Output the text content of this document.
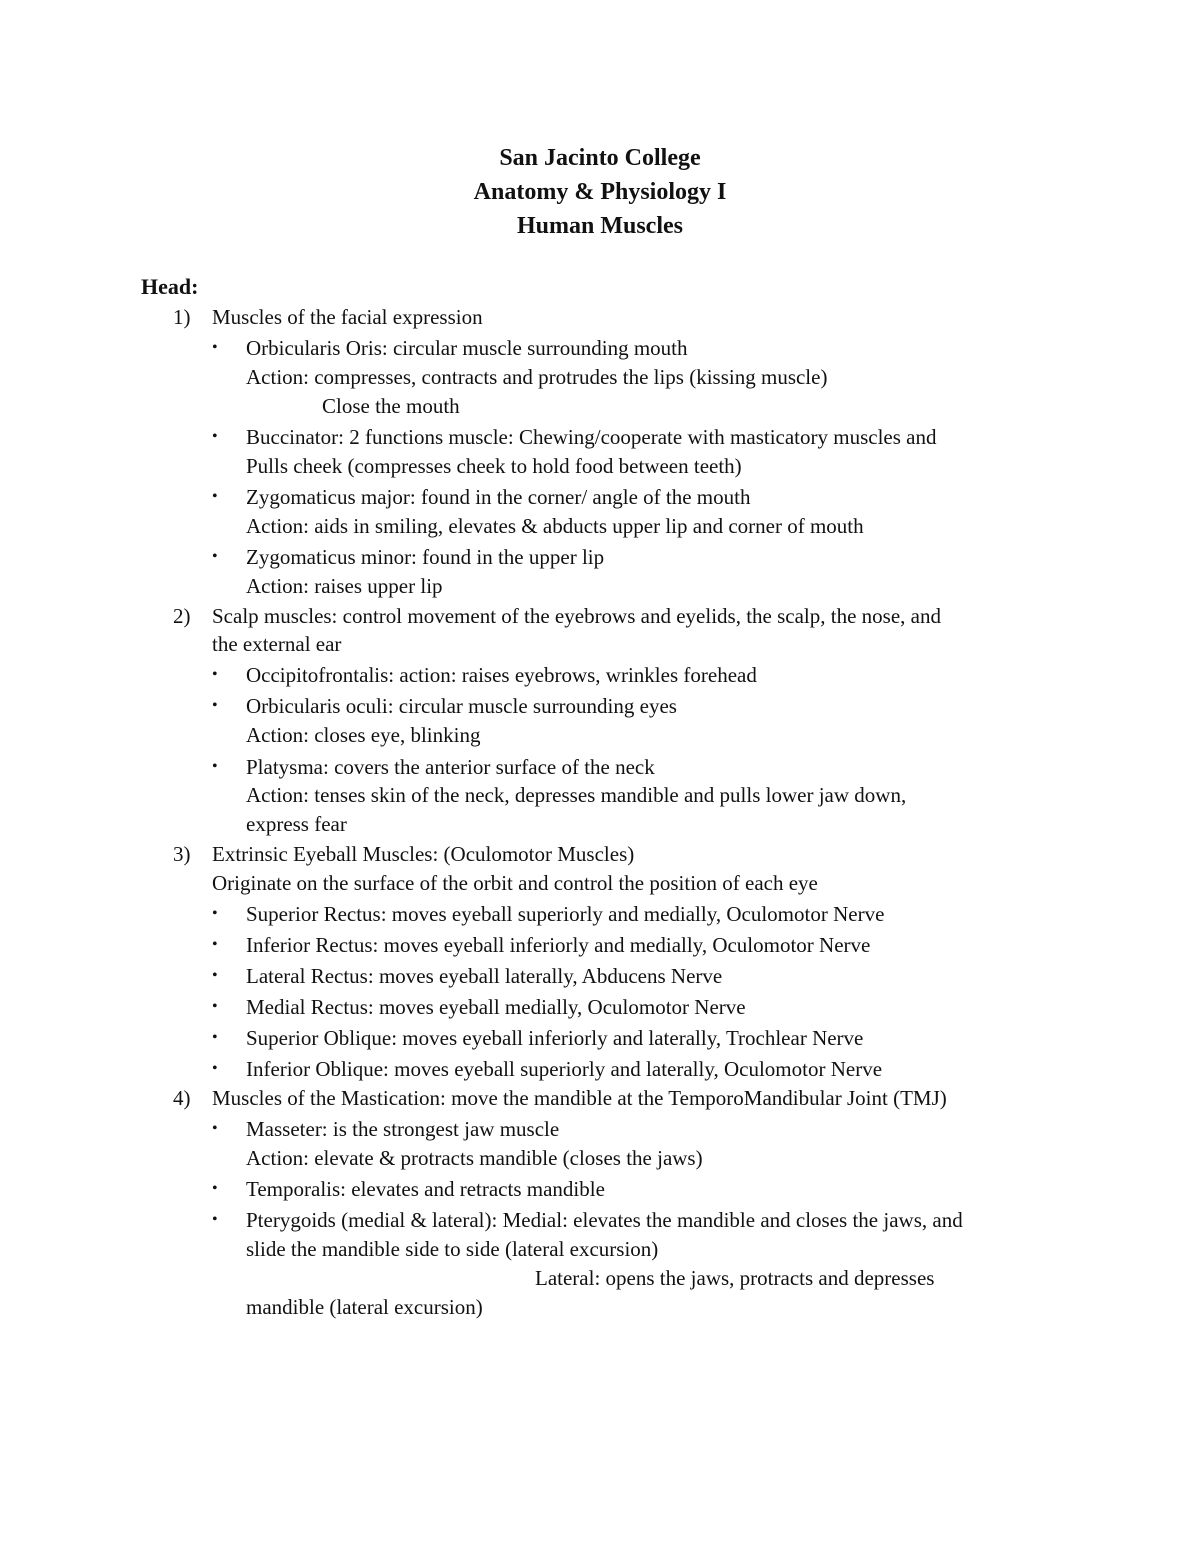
San Jacinto College
Anatomy & Physiology I
Human Muscles
Head:
1) Muscles of the facial expression
• Orbicularis Oris: circular muscle surrounding mouth
Action: compresses, contracts and protrudes the lips (kissing muscle)
Close the mouth
• Buccinator: 2 functions muscle: Chewing/cooperate with masticatory muscles and
Pulls cheek (compresses cheek to hold food between teeth)
• Zygomaticus major: found in the corner/ angle of the mouth
Action: aids in smiling, elevates & abducts upper lip and corner of mouth
• Zygomaticus minor: found in the upper lip
Action: raises upper lip
2) Scalp muscles: control movement of the eyebrows and eyelids, the scalp, the nose, and
the external ear
• Occipitofrontalis: action: raises eyebrows, wrinkles forehead
• Orbicularis oculi: circular muscle surrounding eyes
Action: closes eye, blinking
• Platysma: covers the anterior surface of the neck
Action: tenses skin of the neck, depresses mandible and pulls lower jaw down,
express fear
3) Extrinsic Eyeball Muscles: (Oculomotor Muscles)
Originate on the surface of the orbit and control the position of each eye
• Superior Rectus: moves eyeball superiorly and medially, Oculomotor Nerve
• Inferior Rectus: moves eyeball inferiorly and medially, Oculomotor Nerve
• Lateral Rectus: moves eyeball laterally, Abducens Nerve
• Medial Rectus: moves eyeball medially, Oculomotor Nerve
• Superior Oblique: moves eyeball inferiorly and laterally, Trochlear Nerve
• Inferior Oblique: moves eyeball superiorly and laterally, Oculomotor Nerve
4) Muscles of the Mastication: move the mandible at the TemporoMandibular Joint (TMJ)
• Masseter: is the strongest jaw muscle
Action: elevate & protracts mandible (closes the jaws)
• Temporalis: elevates and retracts mandible
• Pterygoids (medial & lateral): Medial: elevates the mandible and closes the jaws, and
slide the mandible side to side (lateral excursion)
Lateral: opens the jaws, protracts and depresses
mandible (lateral excursion)
